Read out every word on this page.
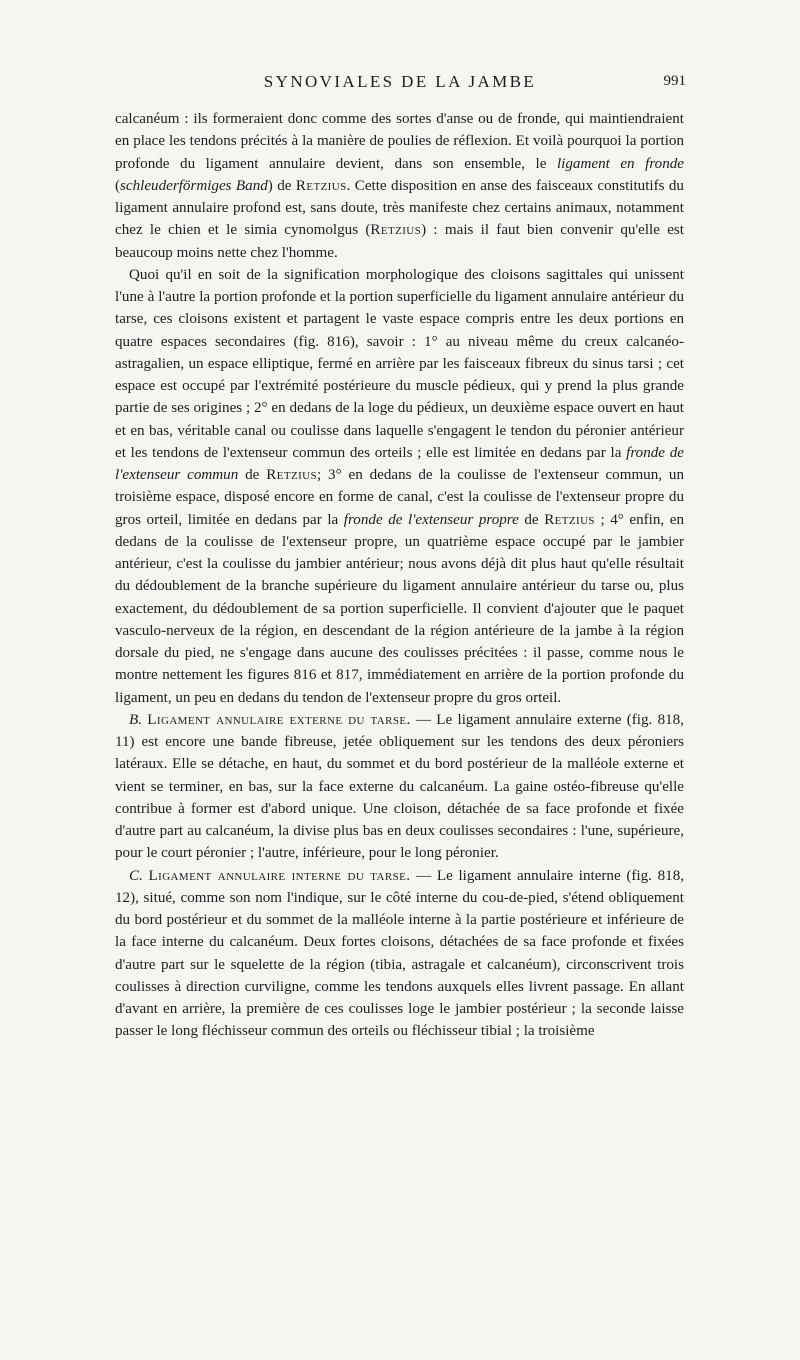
SYNOVIALES DE LA JAMBE	991

calcanéum : ils formeraient donc comme des sortes d'anse ou de fronde, qui maintiendraient en place les tendons précités à la manière de poulies de réflexion. Et voilà pourquoi la portion profonde du ligament annulaire devient, dans son ensemble, le ligament en fronde (schleuderförmiges Band) de Retzius. Cette disposition en anse des faisceaux constitutifs du ligament annulaire profond est, sans doute, très manifeste chez certains animaux, notamment chez le chien et le simia cynomolgus (Retzius) : mais il faut bien convenir qu'elle est beaucoup moins nette chez l'homme.

Quoi qu'il en soit de la signification morphologique des cloisons sagittales qui unissent l'une à l'autre la portion profonde et la portion superficielle du ligament annulaire antérieur du tarse, ces cloisons existent et partagent le vaste espace compris entre les deux portions en quatre espaces secondaires (fig. 816), savoir : 1° au niveau même du creux calcanéo-astragalien, un espace elliptique, fermé en arrière par les faisceaux fibreux du sinus tarsi ; cet espace est occupé par l'extrémité postérieure du muscle pédieux, qui y prend la plus grande partie de ses origines ; 2° en dedans de la loge du pédieux, un deuxième espace ouvert en haut et en bas, véritable canal ou coulisse dans laquelle s'engagent le tendon du péronier antérieur et les tendons de l'extenseur commun des orteils ; elle est limitée en dedans par la fronde de l'extenseur commun de Retzius; 3° en dedans de la coulisse de l'extenseur commun, un troisième espace, disposé encore en forme de canal, c'est la coulisse de l'extenseur propre du gros orteil, limitée en dedans par la fronde de l'extenseur propre de Retzius ; 4° enfin, en dedans de la coulisse de l'extenseur propre, un quatrième espace occupé par le jambier antérieur, c'est la coulisse du jambier antérieur; nous avons déjà dit plus haut qu'elle résultait du dédoublement de la branche supérieure du ligament annulaire antérieur du tarse ou, plus exactement, du dédoublement de sa portion superficielle. Il convient d'ajouter que le paquet vasculo-nerveux de la région, en descendant de la région antérieure de la jambe à la région dorsale du pied, ne s'engage dans aucune des coulisses précitées : il passe, comme nous le montre nettement les figures 816 et 817, immédiatement en arrière de la portion profonde du ligament, un peu en dedans du tendon de l'extenseur propre du gros orteil.

B. Ligament annulaire externe du tarse. — Le ligament annulaire externe (fig. 818, 11) est encore une bande fibreuse, jetée obliquement sur les tendons des deux péroniers latéraux. Elle se détache, en haut, du sommet et du bord postérieur de la malléole externe et vient se terminer, en bas, sur la face externe du calcanéum. La gaine ostéo-fibreuse qu'elle contribue à former est d'abord unique. Une cloison, détachée de sa face profonde et fixée d'autre part au calcanéum, la divise plus bas en deux coulisses secondaires : l'une, supérieure, pour le court péronier ; l'autre, inférieure, pour le long péronier.

C. Ligament annulaire interne du tarse. — Le ligament annulaire interne (fig. 818, 12), situé, comme son nom l'indique, sur le côté interne du cou-de-pied, s'étend obliquement du bord postérieur et du sommet de la malléole interne à la partie postérieure et inférieure de la face interne du calcanéum. Deux fortes cloisons, détachées de sa face profonde et fixées d'autre part sur le squelette de la région (tibia, astragale et calcanéum), circonscrivent trois coulisses à direction curviligne, comme les tendons auxquels elles livrent passage. En allant d'avant en arrière, la première de ces coulisses loge le jambier postérieur ; la seconde laisse passer le long fléchisseur commun des orteils ou fléchisseur tibial ; la troisième
